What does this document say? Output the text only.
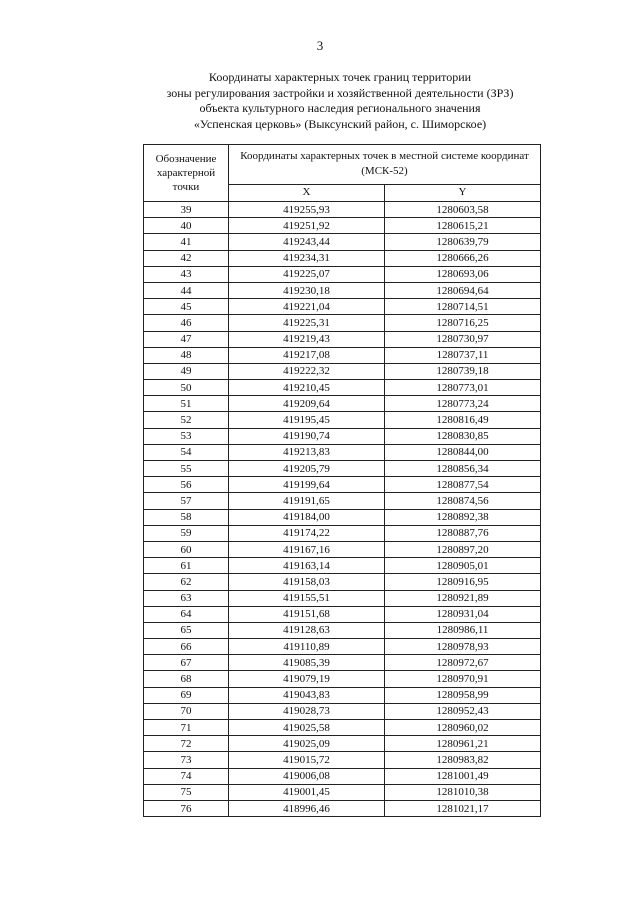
3
Координаты характерных точек границ территории
зоны регулирования застройки и хозяйственной деятельности (ЗРЗ)
объекта культурного наследия регионального значения
«Успенская церковь» (Выксунский район, с. Шиморское)
Обозначение характерной точки	Координаты характерных точек в местной системе координат (МСК-52)	
	X	Y
39	419255,93	1280603,58
40	419251,92	1280615,21
41	419243,44	1280639,79
42	419234,31	1280666,26
43	419225,07	1280693,06
44	419230,18	1280694,64
45	419221,04	1280714,51
46	419225,31	1280716,25
47	419219,43	1280730,97
48	419217,08	1280737,11
49	419222,32	1280739,18
50	419210,45	1280773,01
51	419209,64	1280773,24
52	419195,45	1280816,49
53	419190,74	1280830,85
54	419213,83	1280844,00
55	419205,79	1280856,34
56	419199,64	1280877,54
57	419191,65	1280874,56
58	419184,00	1280892,38
59	419174,22	1280887,76
60	419167,16	1280897,20
61	419163,14	1280905,01
62	419158,03	1280916,95
63	419155,51	1280921,89
64	419151,68	1280931,04
65	419128,63	1280986,11
66	419110,89	1280978,93
67	419085,39	1280972,67
68	419079,19	1280970,91
69	419043,83	1280958,99
70	419028,73	1280952,43
71	419025,58	1280960,02
72	419025,09	1280961,21
73	419015,72	1280983,82
74	419006,08	1281001,49
75	419001,45	1281010,38
76	418996,46	1281021,17
